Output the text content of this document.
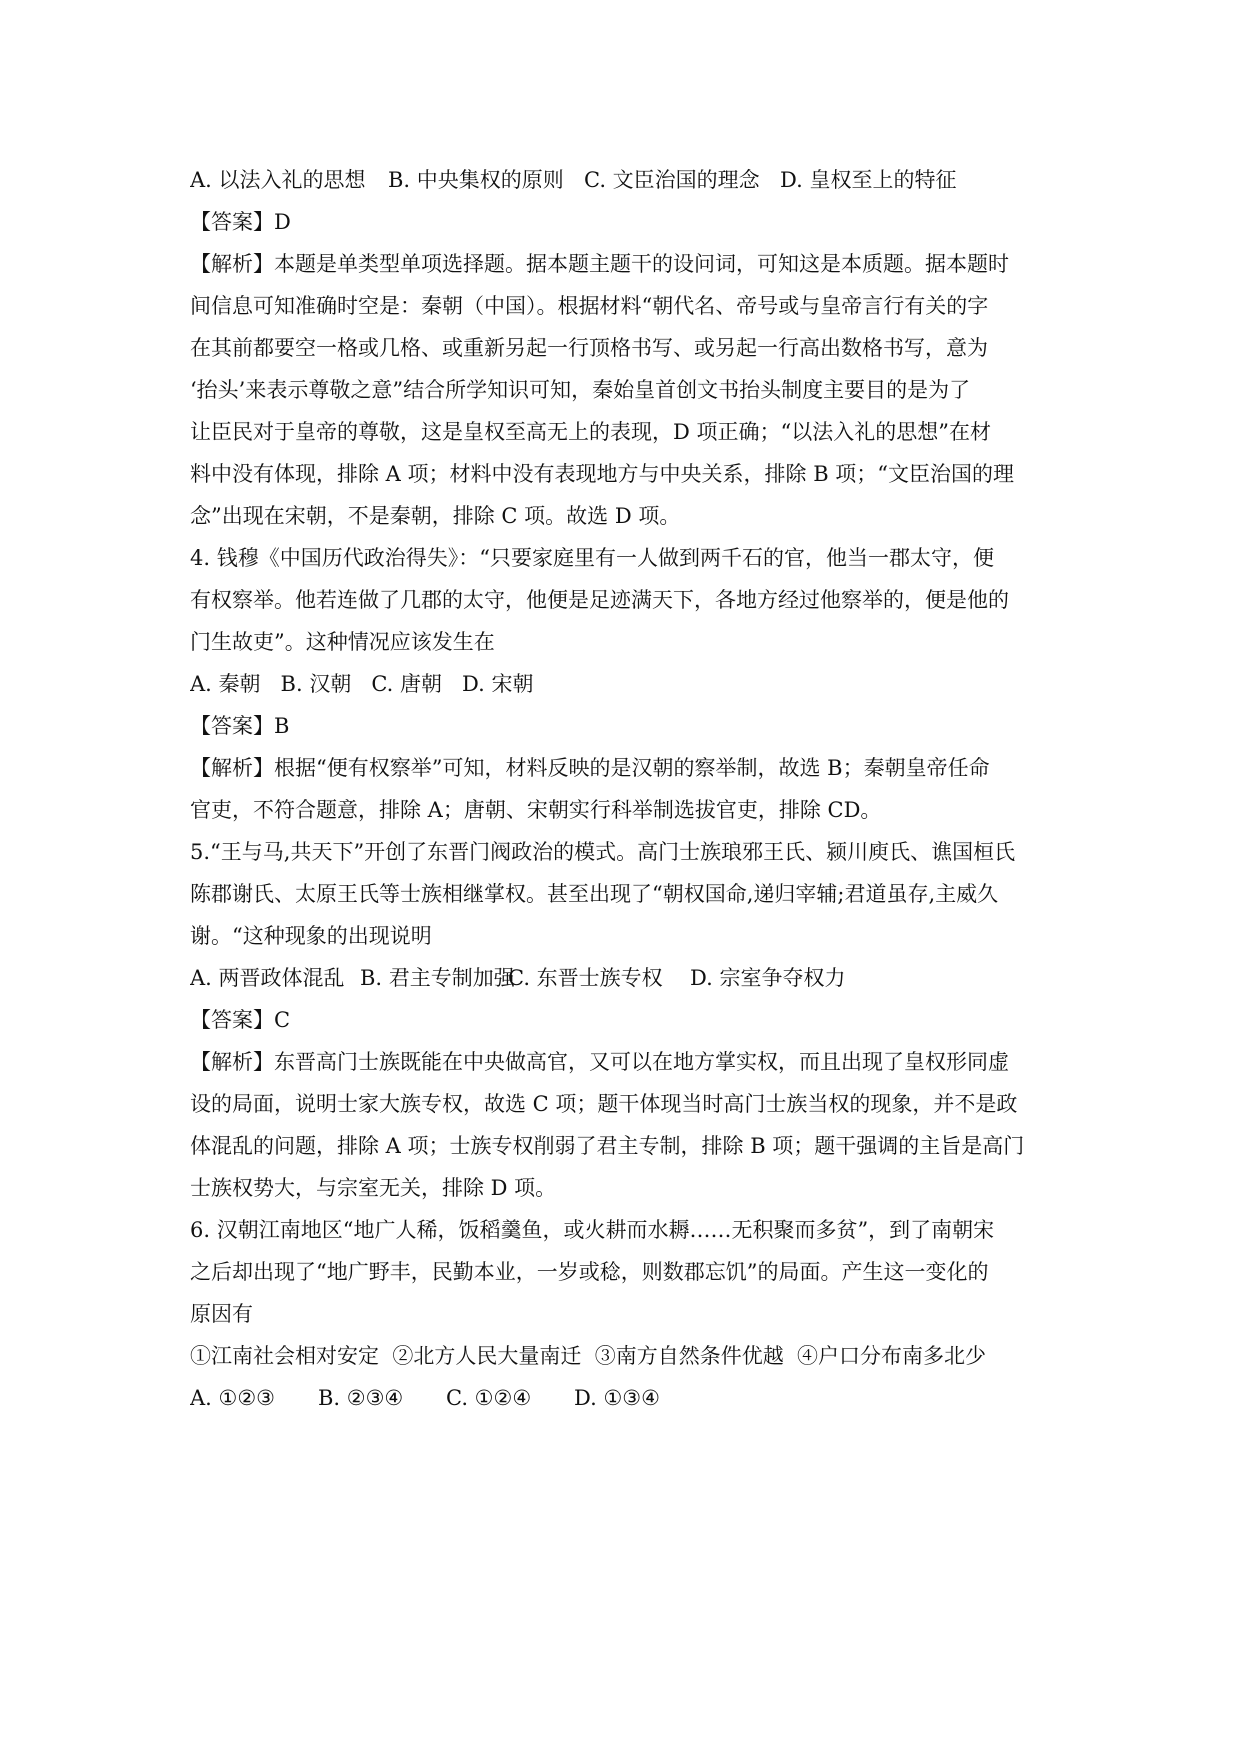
A. 以法入礼的思想 B. 中央集权的原则 C. 文臣治国的理念 D. 皇权至上的特征
【答案】D
【解析】本题是单类型单项选择题。据本题主题干的设问词，可知这是本质题。据本题时
间信息可知准确时空是：秦朝（中国）。根据材料“朝代名、帝号或与皇帝言行有关的字
在其前都要空一格或几格、或重新另起一行顶格书写、或另起一行高出数格书写，意为
‘抬头’来表示尊敬之意”结合所学知识可知，秦始皇首创文书抬头制度主要目的是为了
让臣民对于皇帝的尊敬，这是皇权至高无上的表现，D 项正确；“以法入礼的思想”在材
料中没有体现，排除 A 项；材料中没有表现地方与中央关系，排除 B 项；“文臣治国的理
念”出现在宋朝，不是秦朝，排除 C 项。故选 D 项。
4. 钱穆《中国历代政治得失》：“只要家庭里有一人做到两千石的官，他当一郡太守，便
有权察举。他若连做了几郡的太守，他便是足迹满天下，各地方经过他察举的，便是他的
门生故吏”。这种情况应该发生在
A. 秦朝   B. 汉朝   C. 唐朝   D. 宋朝
【答案】B
【解析】根据“便有权察举”可知，材料反映的是汉朝的察举制，故选 B；秦朝皇帝任命
官吏，不符合题意，排除 A；唐朝、宋朝实行科举制选拔官吏，排除 CD。
5.“王与马,共天下”开创了东晋门阀政治的模式。高门士族琅邪王氏、颍川庾氏、谯国桓氏
陈郡谢氏、太原王氏等士族相继掌权。甚至出现了“朝权国命,递归宰辅;君道虽存,主威久
谢。“这种现象的出现说明
A. 两晋政体混乱 B. 君主专制加强
C. 东晋士族专权 D. 宗室争夺权力
【答案】C
【解析】东晋高门士族既能在中央做高官，又可以在地方掌实权，而且出现了皇权形同虚
设的局面，说明士家大族专权，故选 C 项；题干体现当时高门士族当权的现象，并不是政
体混乱的问题，排除 A 项；士族专权削弱了君主专制，排除 B 项；题干强调的主旨是高门
士族权势大，与宗室无关，排除 D 项。
6. 汉朝江南地区“地广人稀，饭稻羹鱼，或火耕而水耨……无积聚而多贫”，到了南朝宋
之后却出现了“地广野丰，民勤本业，一岁或稔，则数郡忘饥”的局面。产生这一变化的
原因有
①江南社会相对安定  ②北方人民大量南迁  ③南方自然条件优越  ④户口分布南多北少
A. ①②③ B. ②③④ C. ①②④ D. ①③④
